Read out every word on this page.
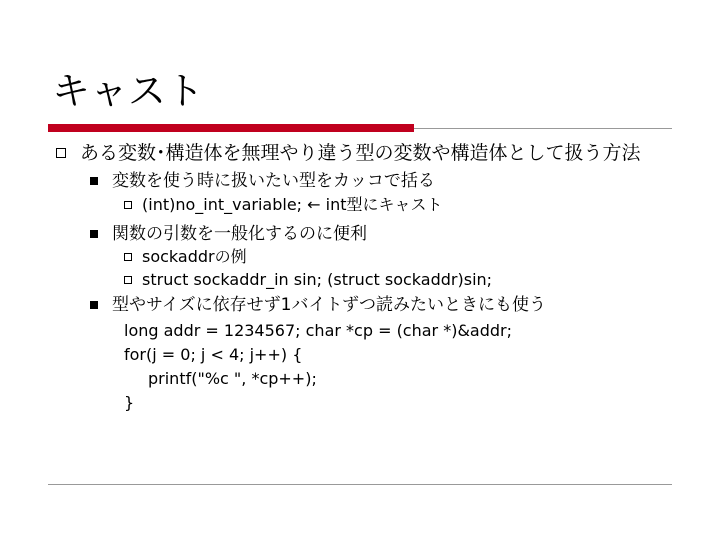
キャスト
ある変数･構造体を無理やり違う型の変数や構造体として扱う方法
変数を使う時に扱いたい型をカッコで括る
(int)no_int_variable; ← int型にキャスト
関数の引数を一般化するのに便利
sockaddrの例
struct sockaddr_in sin; (struct sockaddr)sin;
型やサイズに依存せず1バイトずつ読みたいときにも使う
long addr = 1234567; char *cp = (char *)&addr;
for(j = 0; j < 4; j++) {
printf("%c ", *cp++);
}
